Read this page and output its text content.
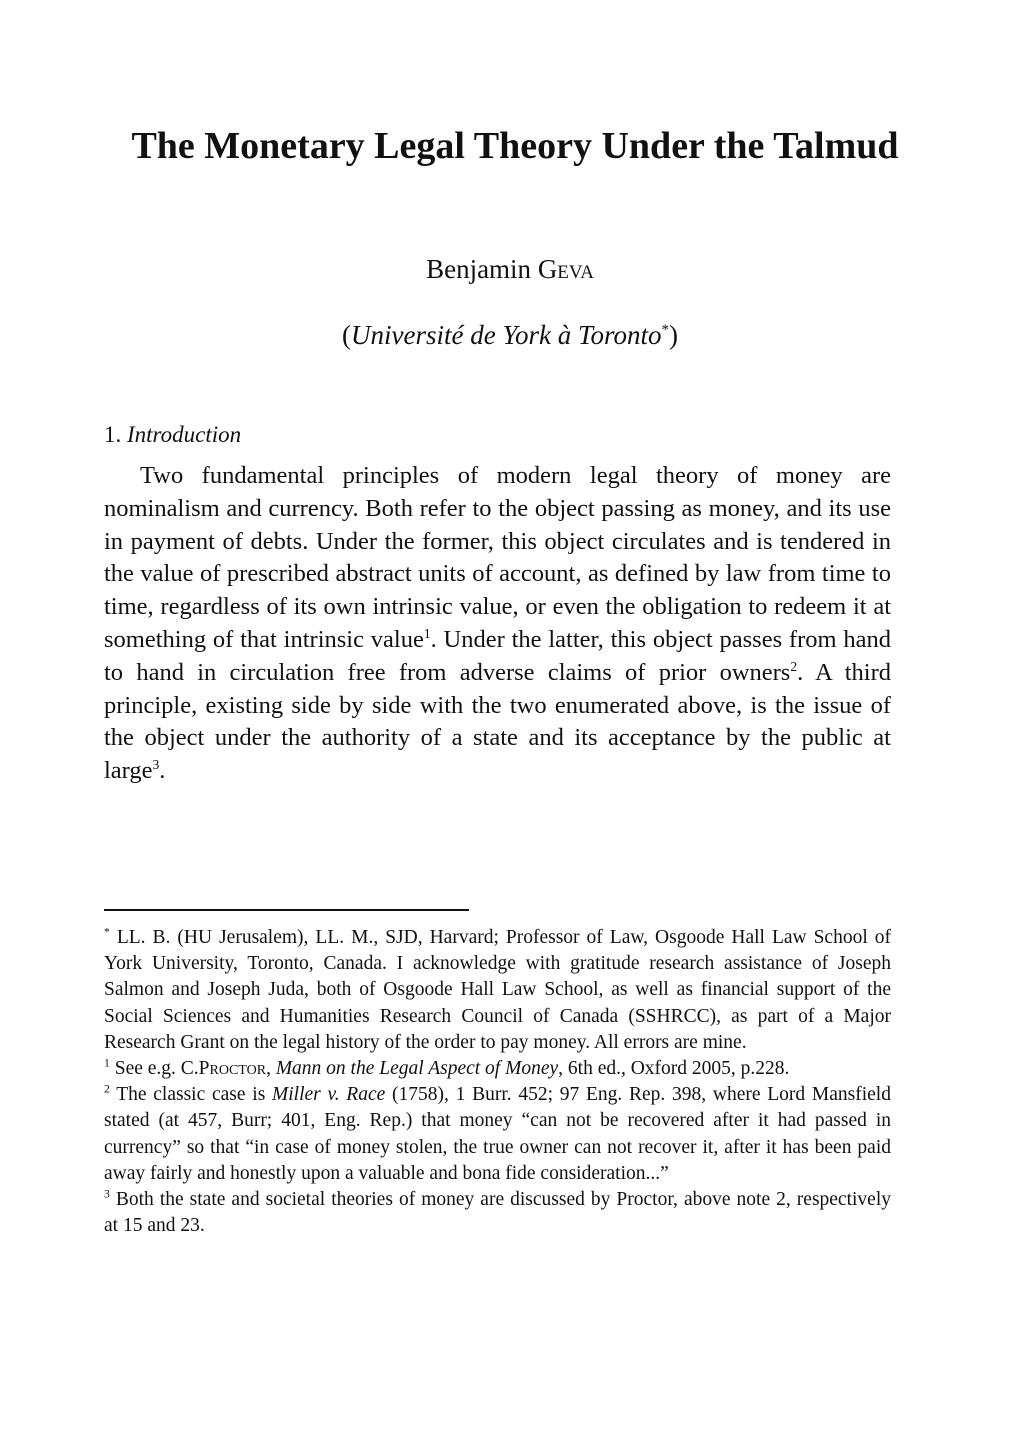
The Monetary Legal Theory Under the Talmud

Benjamin Geva

(Université de York à Toronto*)

1. Introduction

Two fundamental principles of modern legal theory of money are nominalism and currency. Both refer to the object passing as money, and its use in payment of debts. Under the former, this object circulates and is tendered in the value of prescribed abstract units of account, as defined by law from time to time, regardless of its own intrinsic value, or even the obligation to redeem it at something of that intrinsic value$^1$. Under the latter, this object passes from hand to hand in circulation free from adverse claims of prior owners$^2$. A third principle, existing side by side with the two enumerated above, is the issue of the object under the authority of a state and its acceptance by the public at large$^3$.

* LL. B. (HU Jerusalem), LL. M., SJD, Harvard; Professor of Law, Osgoode Hall Law School of York University, Toronto, Canada. I acknowledge with gratitude research assistance of Joseph Salmon and Joseph Juda, both of Osgoode Hall Law School, as well as financial support of the Social Sciences and Humanities Research Council of Canada (SSHRCC), as part of a Major Research Grant on the legal history of the order to pay money. All errors are mine.

$^1$ See e.g. C.Proctor, Mann on the Legal Aspect of Money, 6th ed., Oxford 2005, p.228.

$^2$ The classic case is Miller v. Race (1758), 1 Burr. 452; 97 Eng. Rep. 398, where Lord Mansfield stated (at 457, Burr; 401, Eng. Rep.) that money “can not be recovered after it had passed in currency” so that “in case of money stolen, the true owner can not recover it, after it has been paid away fairly and honestly upon a valuable and bona fide consideration...”

$^3$ Both the state and societal theories of money are discussed by Proctor, above note 2, respectively at 15 and 23.
